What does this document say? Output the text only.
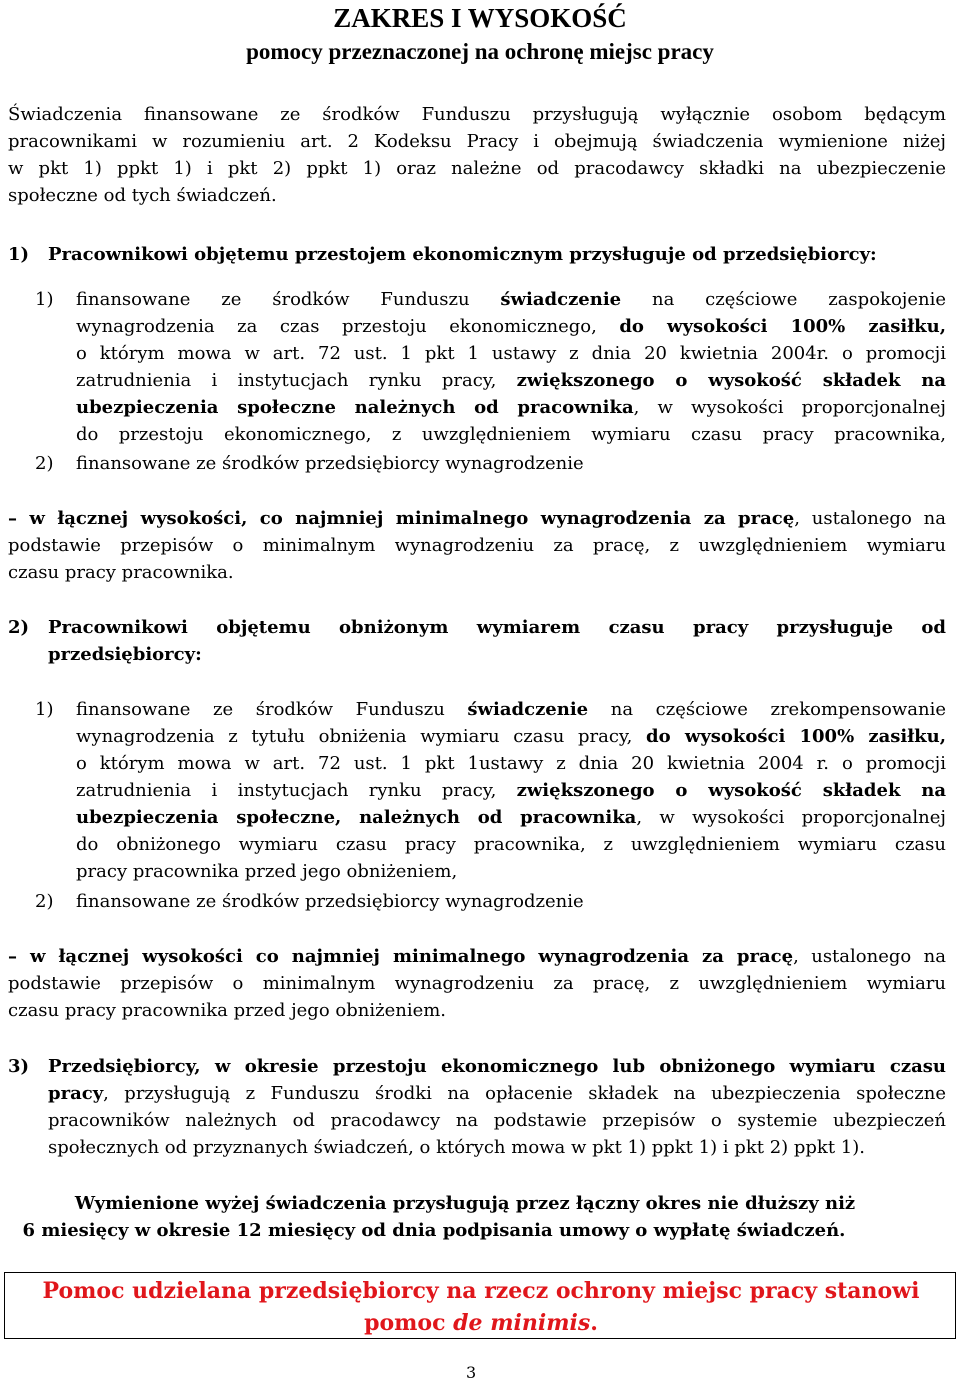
ZAKRES I WYSOKOŚĆ
pomocy przeznaczonej na ochronę miejsc pracy
Świadczenia finansowane ze środków Funduszu przysługują wyłącznie osobom będącym
pracownikami w rozumieniu art. 2 Kodeksu Pracy i obejmują świadczenia wymienione niżej
w pkt 1) ppkt 1) i pkt 2) ppkt 1) oraz należne od pracodawcy składki na ubezpieczenie
społeczne od tych świadczeń.
1) Pracownikowi objętemu przestojem ekonomicznym przysługuje od przedsiębiorcy:
1) finansowane ze środków Funduszu świadczenie na częściowe zaspokojenie
wynagrodzenia za czas przestoju ekonomicznego, do wysokości 100% zasiłku,
o którym mowa w art. 72 ust. 1 pkt 1 ustawy z dnia 20 kwietnia 2004r. o promocji
zatrudnienia i instytucjach rynku pracy, zwiększonego o wysokość składek na
ubezpieczenia społeczne należnych od pracownika, w wysokości proporcjonalnej
do przestoju ekonomicznego, z uwzględnieniem wymiaru czasu pracy pracownika,
2) finansowane ze środków przedsiębiorcy wynagrodzenie
– w łącznej wysokości, co najmniej minimalnego wynagrodzenia za pracę, ustalonego na
podstawie przepisów o minimalnym wynagrodzeniu za pracę, z uwzględnieniem wymiaru
czasu pracy pracownika.
2) Pracownikowi objętemu obniżonym wymiarem czasu pracy przysługuje od
przedsiębiorcy:
1) finansowane ze środków Funduszu świadczenie na częściowe zrekompensowanie
wynagrodzenia z tytułu obniżenia wymiaru czasu pracy, do wysokości 100% zasiłku,
o którym mowa w art. 72 ust. 1 pkt 1ustawy z dnia 20 kwietnia 2004 r. o promocji
zatrudnienia i instytucjach rynku pracy, zwiększonego o wysokość składek na
ubezpieczenia społeczne, należnych od pracownika, w wysokości proporcjonalnej
do obniżonego wymiaru czasu pracy pracownika, z uwzględnieniem wymiaru czasu
pracy pracownika przed jego obniżeniem,
2) finansowane ze środków przedsiębiorcy wynagrodzenie
– w łącznej wysokości co najmniej minimalnego wynagrodzenia za pracę, ustalonego na
podstawie przepisów o minimalnym wynagrodzeniu za pracę, z uwzględnieniem wymiaru
czasu pracy pracownika przed jego obniżeniem.
3) Przedsiębiorcy, w okresie przestoju ekonomicznego lub obniżonego wymiaru czasu
pracy, przysługują z Funduszu środki na opłacenie składek na ubezpieczenia społeczne
pracowników należnych od pracodawcy na podstawie przepisów o systemie ubezpieczeń
społecznych od przyznanych świadczeń, o których mowa w pkt 1) ppkt 1) i pkt 2) ppkt 1).
Wymienione wyżej świadczenia przysługują przez łączny okres nie dłuższy niż
6 miesięcy w okresie 12 miesięcy od dnia podpisania umowy o wypłatę świadczeń.
Pomoc udzielana przedsiębiorcy na rzecz ochrony miejsc pracy stanowi
pomoc de minimis.
3
